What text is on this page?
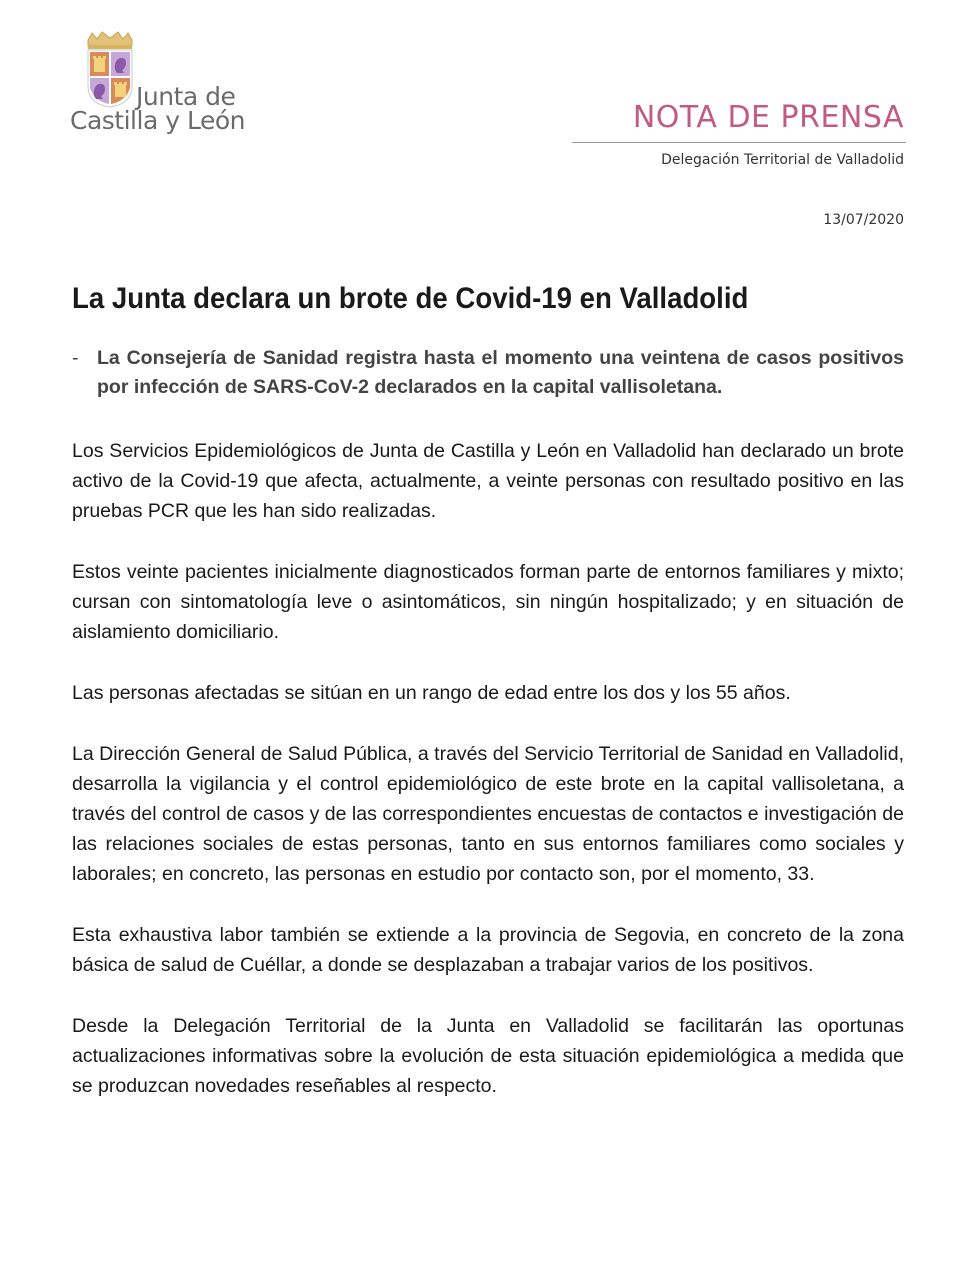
Junta de
Castilla y León	NOTA DE PRENSA
Delegación Territorial de Valladolid
13/07/2020
La Junta declara un brote de Covid-19 en Valladolid
- La Consejería de Sanidad registra hasta el momento una veintena de casos positivos por infección de SARS-CoV-2 declarados en la capital vallisoletana.

Los Servicios Epidemiológicos de Junta de Castilla y León en Valladolid han declarado un brote activo de la Covid-19 que afecta, actualmente, a veinte personas con resultado positivo en las pruebas PCR que les han sido realizadas.

Estos veinte pacientes inicialmente diagnosticados forman parte de entornos familiares y mixto; cursan con sintomatología leve o asintomáticos, sin ningún hospitalizado; y en situación de aislamiento domiciliario.

Las personas afectadas se sitúan en un rango de edad entre los dos y los 55 años.

La Dirección General de Salud Pública, a través del Servicio Territorial de Sanidad en Valladolid, desarrolla la vigilancia y el control epidemiológico de este brote en la capital vallisoletana, a través del control de casos y de las correspondientes encuestas de contactos e investigación de las relaciones sociales de estas personas, tanto en sus entornos familiares como sociales y laborales; en concreto, las personas en estudio por contacto son, por el momento, 33.

Esta exhaustiva labor también se extiende a la provincia de Segovia, en concreto de la zona básica de salud de Cuéllar, a donde se desplazaban a trabajar varios de los positivos.

Desde la Delegación Territorial de la Junta en Valladolid se facilitarán las oportunas actualizaciones informativas sobre la evolución de esta situación epidemiológica a medida que se produzcan novedades reseñables al respecto.
